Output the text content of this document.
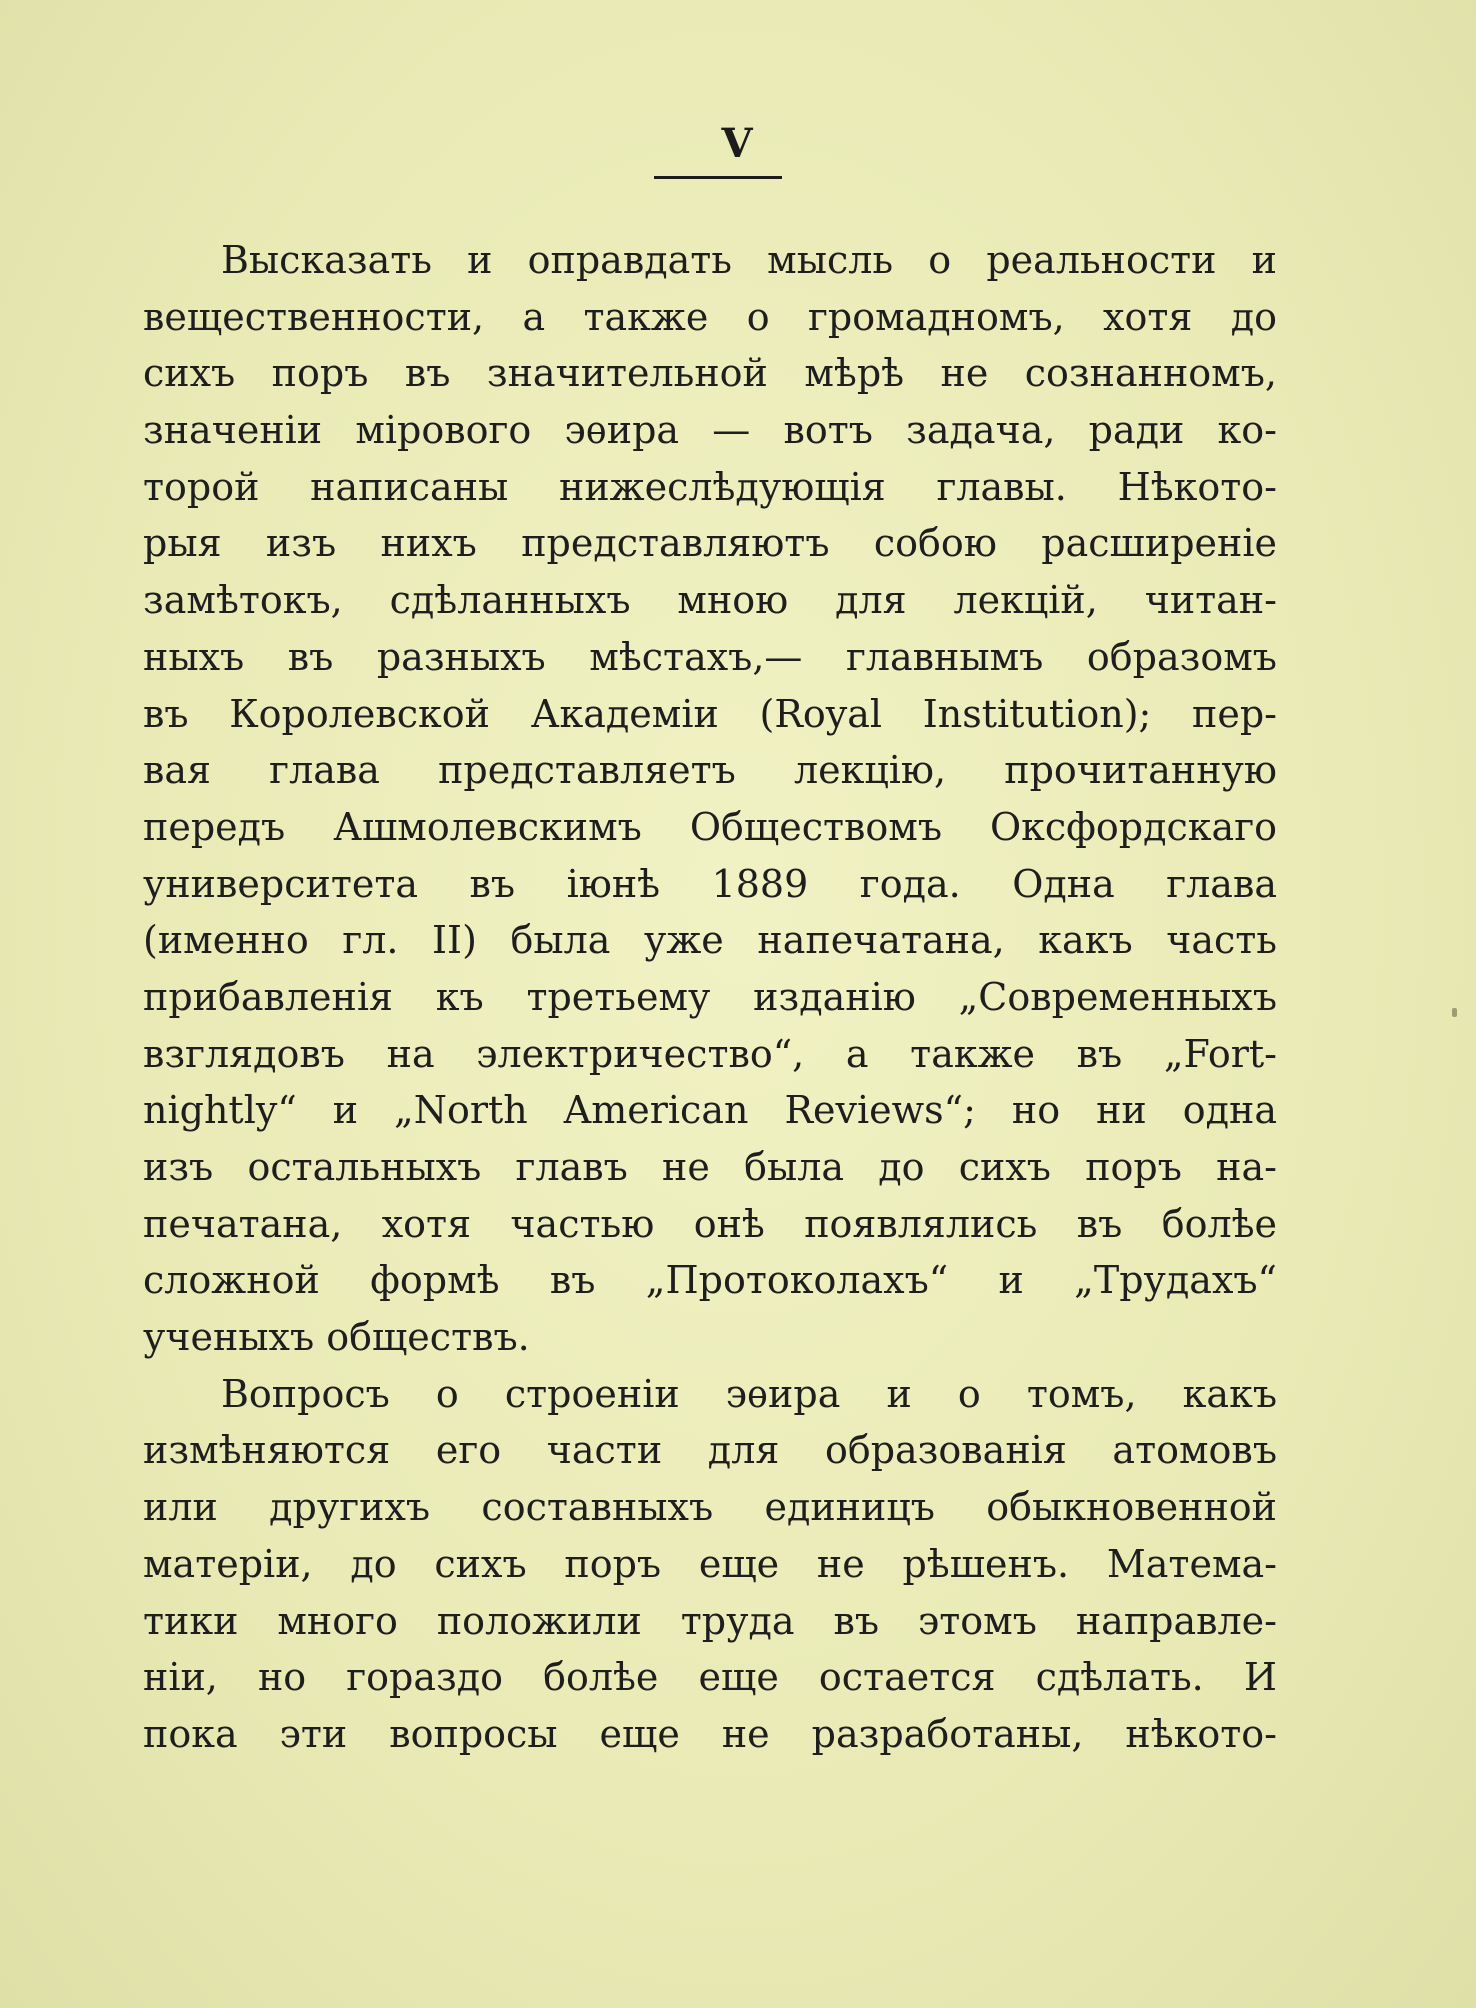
V
Высказать и оправдать мысль о реальности и
вещественности, а также о громадномъ, хотя до
сихъ поръ въ значительной мѣрѣ не сознанномъ,
значенiи мiрового эѳира — вотъ задача, ради ко-
торой написаны нижеслѣдующiя главы. Нѣкото-
рыя изъ нихъ представляютъ собою расширенiе
замѣтокъ, сдѣланныхъ мною для лекцiй, читан-
ныхъ въ разныхъ мѣстахъ,— главнымъ образомъ
въ Королевской Академiи (Royal Institution); пер-
вая глава представляетъ лекцiю, прочитанную
передъ Ашмолевскимъ Обществомъ Оксфордскаго
университета въ iюнѣ 1889 года. Одна глава
(именно гл. II) была уже напечатана, какъ часть
прибавленiя къ третьему изданiю „Современныхъ
взглядовъ на электричество“, а также въ „Fort-
nightly“ и „North American Reviews“; но ни одна
изъ остальныхъ главъ не была до сихъ поръ на-
печатана, хотя частью онѣ появлялись въ болѣе
сложной формѣ въ „Протоколахъ“ и „Трудахъ“
ученыхъ обществъ.
Вопросъ о строенiи эѳира и о томъ, какъ
измѣняются его части для образованiя атомовъ
или другихъ составныхъ единицъ обыкновенной
матерiи, до сихъ поръ еще не рѣшенъ. Матема-
тики много положили труда въ этомъ направле-
нiи, но гораздо болѣе еще остается сдѣлать. И
пока эти вопросы еще не разработаны, нѣкото-
